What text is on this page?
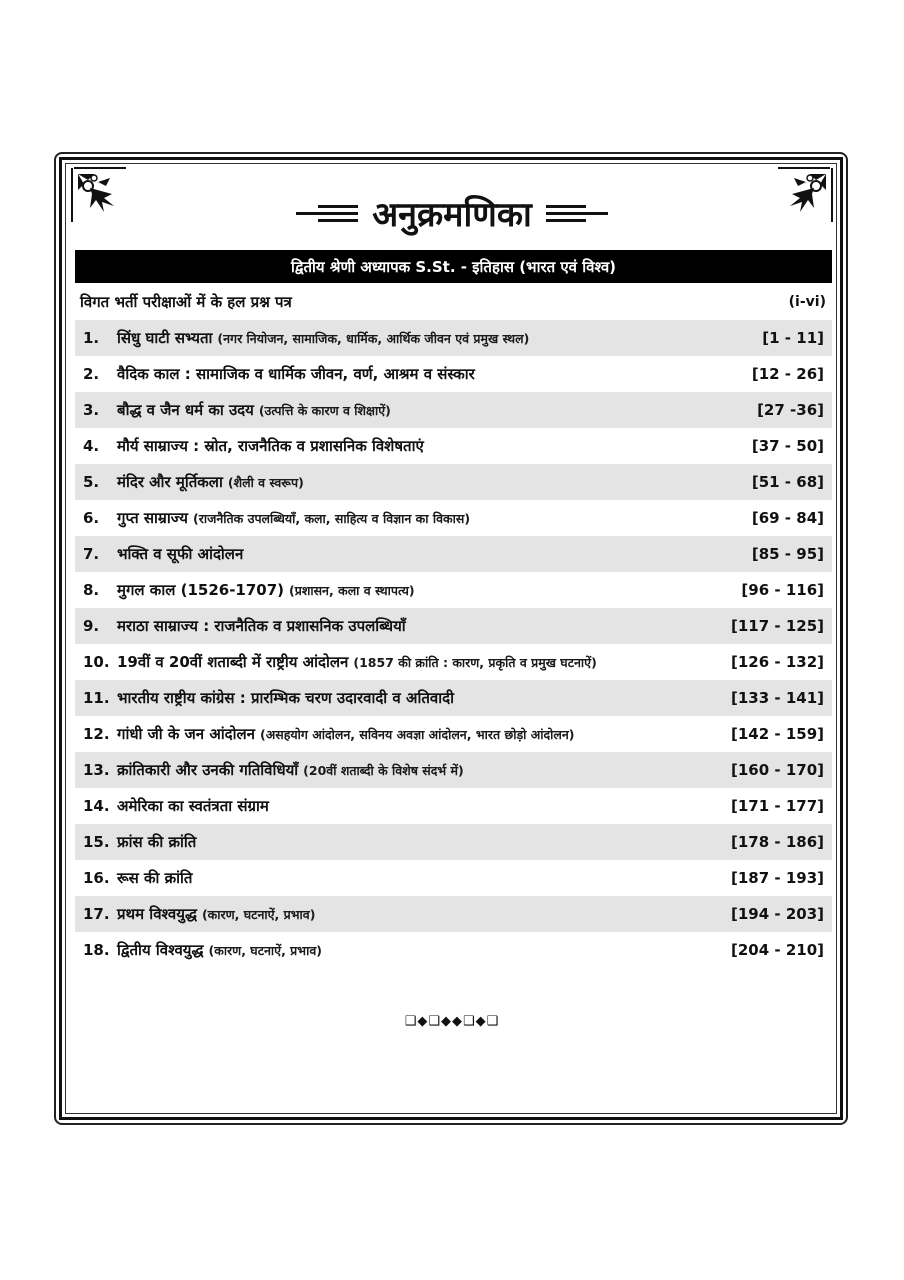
अनुक्रमणिका
द्वितीय श्रेणी अध्यापक S.St. - इतिहास (भारत एवं विश्व)
विगत भर्ती परीक्षाओं में के हल प्रश्न पत्र	(i-vi)
1.	सिंधु घाटी सभ्यता (नगर नियोजन, सामाजिक, धार्मिक, आर्थिक जीवन एवं प्रमुख स्थल)	[1 - 11]
2.	वैदिक काल : सामाजिक व धार्मिक जीवन, वर्ण, आश्रम व संस्कार	[12 - 26]
3.	बौद्ध व जैन धर्म का उदय (उत्पत्ति के कारण व शिक्षाऐं)	[27 -36]
4.	मौर्य साम्राज्य : स्रोत, राजनैतिक व प्रशासनिक विशेषताएं	[37 - 50]
5.	मंदिर और मूर्तिकला (शैली व स्वरूप)	[51 - 68]
6.	गुप्त साम्राज्य (राजनैतिक उपलब्धियाँ, कला, साहित्य व विज्ञान का विकास)	[69 - 84]
7.	भक्ति व सूफी आंदोलन	[85 - 95]
8.	मुगल काल (1526-1707) (प्रशासन, कला व स्थापत्य)	[96 - 116]
9.	मराठा साम्राज्य : राजनैतिक व प्रशासनिक उपलब्धियाँ	[117 - 125]
10. 19वीं व 20वीं शताब्दी में राष्ट्रीय आंदोलन (1857 की क्रांति : कारण, प्रकृति व प्रमुख घटनाऐं)	[126 - 132]
11. भारतीय राष्ट्रीय कांग्रेस : प्रारम्भिक चरण उदारवादी व अतिवादी	[133 - 141]
12. गांधी जी के जन आंदोलन (असहयोग आंदोलन, सविनय अवज्ञा आंदोलन, भारत छोड़ो आंदोलन)	[142 - 159]
13. क्रांतिकारी और उनकी गतिविधियाँ (20वीं शताब्दी के विशेष संदर्भ में)	[160 - 170]
14. अमेरिका का स्वतंत्रता संग्राम	[171 - 177]
15. फ्रांस की क्रांति	[178 - 186]
16. रूस की क्रांति	[187 - 193]
17. प्रथम विश्वयुद्ध (कारण, घटनाऐं, प्रभाव)	[194 - 203]
18. द्वितीय विश्वयुद्ध (कारण, घटनाऐं, प्रभाव)	[204 - 210]
❑◆❑◆◆❑◆❑
